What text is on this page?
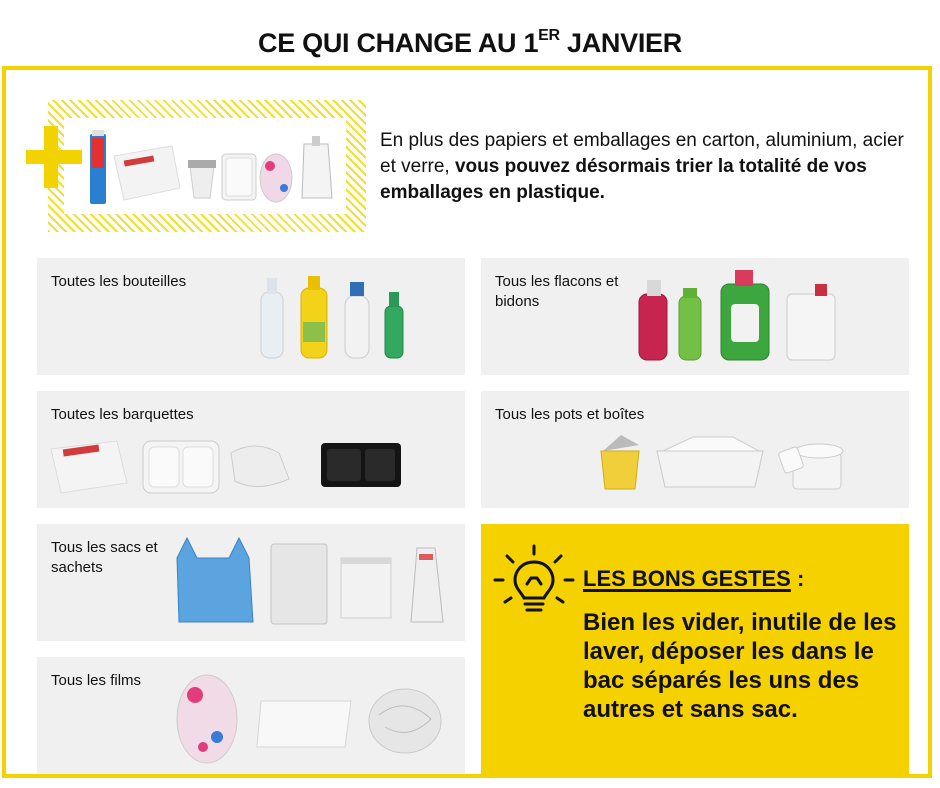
CE QUI CHANGE AU 1ER JANVIER
En plus des papiers et emballages en carton, aluminium, acier et verre, vous pouvez désormais trier la totalité de vos emballages en plastique.
Toutes les bouteilles	Tous les flacons et bidons
Toutes les barquettes	Tous les pots et boîtes
Tous les sacs et sachets
Tous les films
LES BONS GESTES :
Bien les vider, inutile de les laver, déposer les dans le bac séparés les uns des autres et sans sac.
